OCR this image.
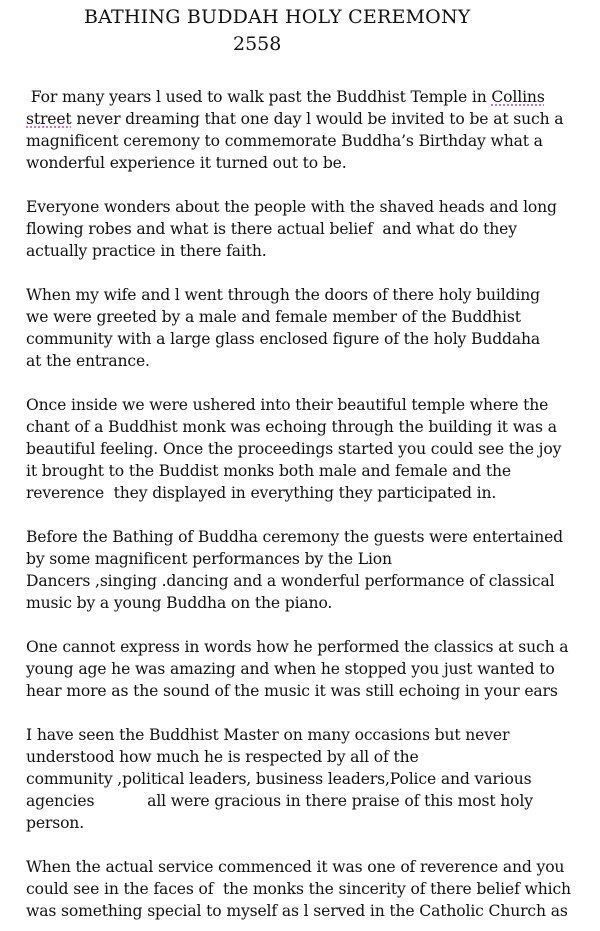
BATHING BUDDAH HOLY CEREMONY
2558
For many years l used to walk past the Buddhist Temple in Collins
street never dreaming that one day l would be invited to be at such a
magnificent ceremony to commemorate Buddha’s Birthday what a
wonderful experience it turned out to be.
Everyone wonders about the people with the shaved heads and long
flowing robes and what is there actual belief  and what do they
actually practice in there faith.
When my wife and l went through the doors of there holy building
we were greeted by a male and female member of the Buddhist
community with a large glass enclosed figure of the holy Buddaha
at the entrance.
Once inside we were ushered into their beautiful temple where the
chant of a Buddhist monk was echoing through the building it was a
beautiful feeling. Once the proceedings started you could see the joy
it brought to the Buddist monks both male and female and the
reverence  they displayed in everything they participated in.
Before the Bathing of Buddha ceremony the guests were entertained
by some magnificent performances by the Lion
Dancers ,singing .dancing and a wonderful performance of classical
music by a young Buddha on the piano.
One cannot express in words how he performed the classics at such a
young age he was amazing and when he stopped you just wanted to
hear more as the sound of the music it was still echoing in your ears
I have seen the Buddhist Master on many occasions but never
understood how much he is respected by all of the
community ,political leaders, business leaders,Police and various
agencies           all were gracious in there praise of this most holy
person.
When the actual service commenced it was one of reverence and you
could see in the faces of  the monks the sincerity of there belief which
was something special to myself as l served in the Catholic Church as
